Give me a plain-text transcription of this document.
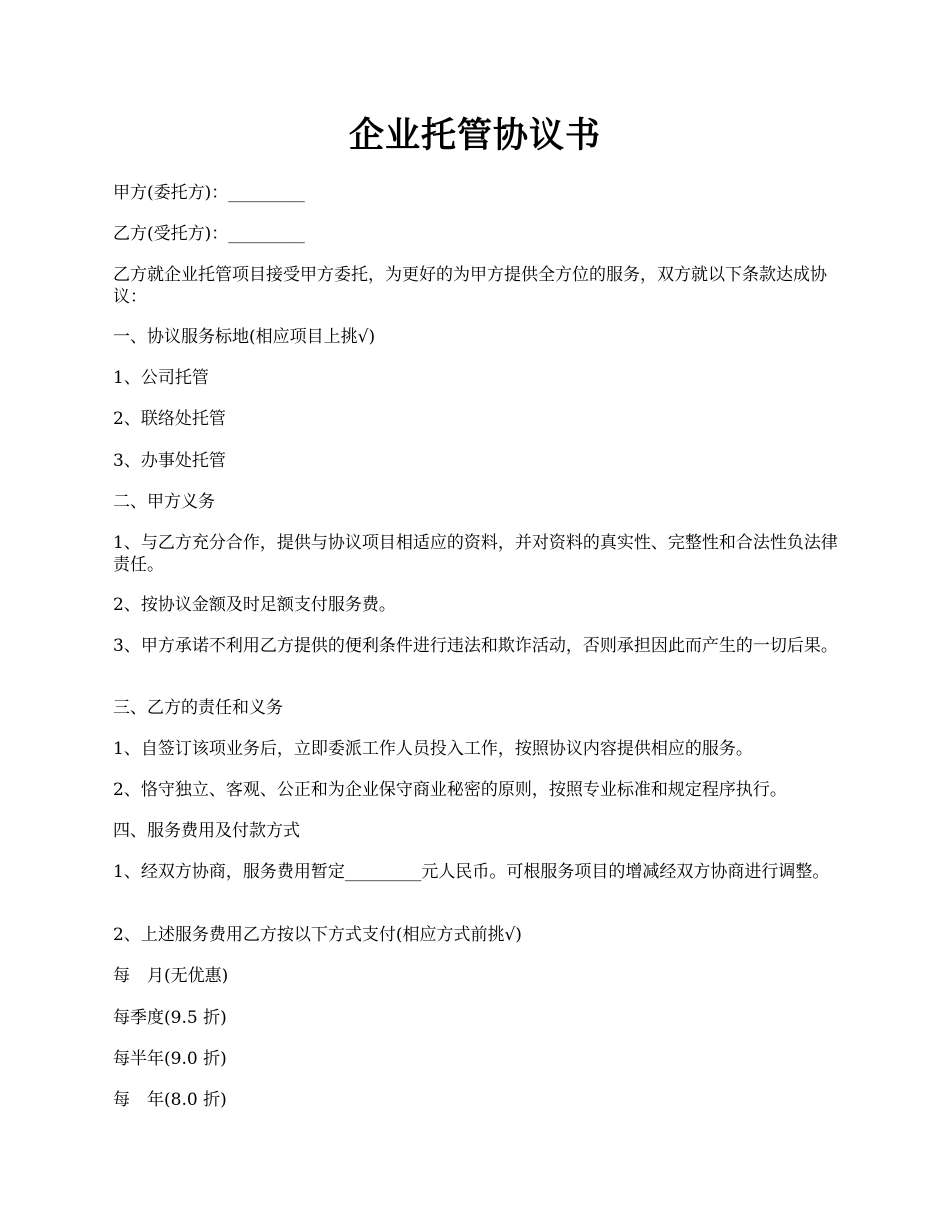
企业托管协议书
甲方(委托方)：_________
乙方(受托方)：_________
乙方就企业托管项目接受甲方委托，为更好的为甲方提供全方位的服务，双方就以下条款达成协议：
一、协议服务标地(相应项目上挑√)
1、公司托管
2、联络处托管
3、办事处托管
二、甲方义务
1、与乙方充分合作，提供与协议项目相适应的资料，并对资料的真实性、完整性和合法性负法律责任。
2、按协议金额及时足额支付服务费。
3、甲方承诺不利用乙方提供的便利条件进行违法和欺诈活动，否则承担因此而产生的一切后果。
三、乙方的责任和义务
1、自签订该项业务后，立即委派工作人员投入工作，按照协议内容提供相应的服务。
2、恪守独立、客观、公正和为企业保守商业秘密的原则，按照专业标准和规定程序执行。
四、服务费用及付款方式
1、经双方协商，服务费用暂定_________元人民币。可根服务项目的增减经双方协商进行调整。
2、上述服务费用乙方按以下方式支付(相应方式前挑√)
每　月(无优惠)
每季度(9.5 折)
每半年(9.0 折)
每　年(8.0 折)
